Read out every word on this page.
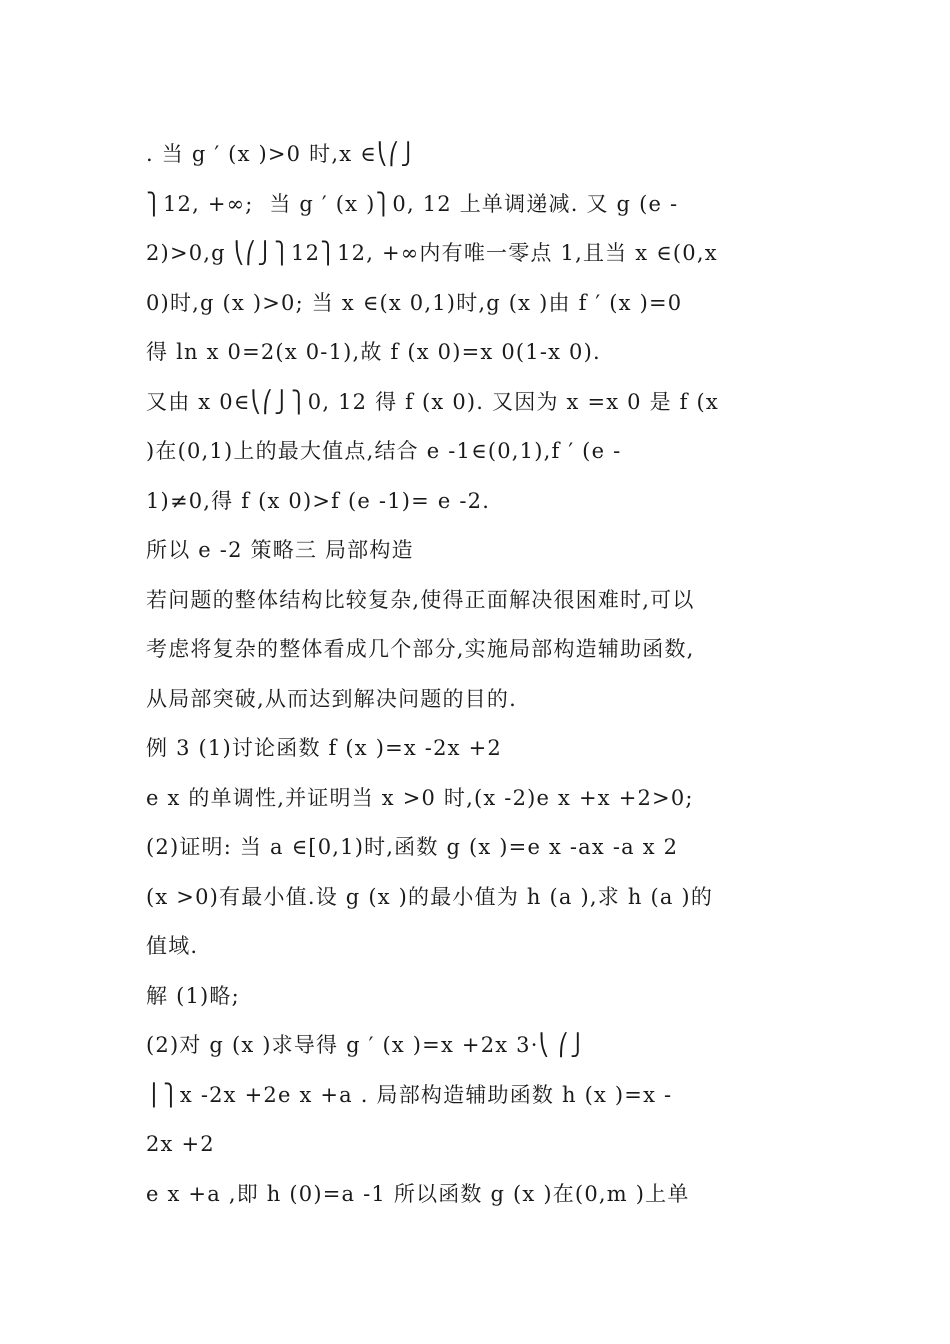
. 当 g ′ (x )>0 时,x ∈⎝⎛⎭
⎫12, +∞;  当 g ′ (x )⎫0, 12 上单调递减. 又 g (e -
2)>0,g ⎝⎛⎭⎫12⎫12, +∞内有唯一零点 1,且当 x ∈(0,x
0)时,g (x )>0; 当 x ∈(x 0,1)时,g (x )由 f ′ (x )=0
得 ln x 0=2(x 0-1),故 f (x 0)=x 0(1-x 0).
又由 x 0∈⎝⎛⎭⎫0, 12 得 f (x 0). 又因为 x =x 0 是 f (x
)在(0,1)上的最大值点,结合 e -1∈(0,1),f ′ (e -
1)≠0,得 f (x 0)>f (e -1)= e -2.
所以 e -2 策略三 局部构造
若问题的整体结构比较复杂,使得正面解决很困难时,可以
考虑将复杂的整体看成几个部分,实施局部构造辅助函数,
从局部突破,从而达到解决问题的目的.
例 3 (1)讨论函数 f (x )=x -2x +2
e x 的单调性,并证明当 x >0 时,(x -2)e x +x +2>0;
(2)证明: 当 a ∈[0,1)时,函数 g (x )=e x -ax -a x 2
(x >0)有最小值.设 g (x )的最小值为 h (a ),求 h (a )的
值域.
解 (1)略;
(2)对 g (x )求导得 g ′ (x )=x +2x 3·⎝ ⎛⎭
⎪⎫x -2x +2e x +a . 局部构造辅助函数 h (x )=x -
2x +2
e x +a ,即 h (0)=a -1 所以函数 g (x )在(0,m )上单
